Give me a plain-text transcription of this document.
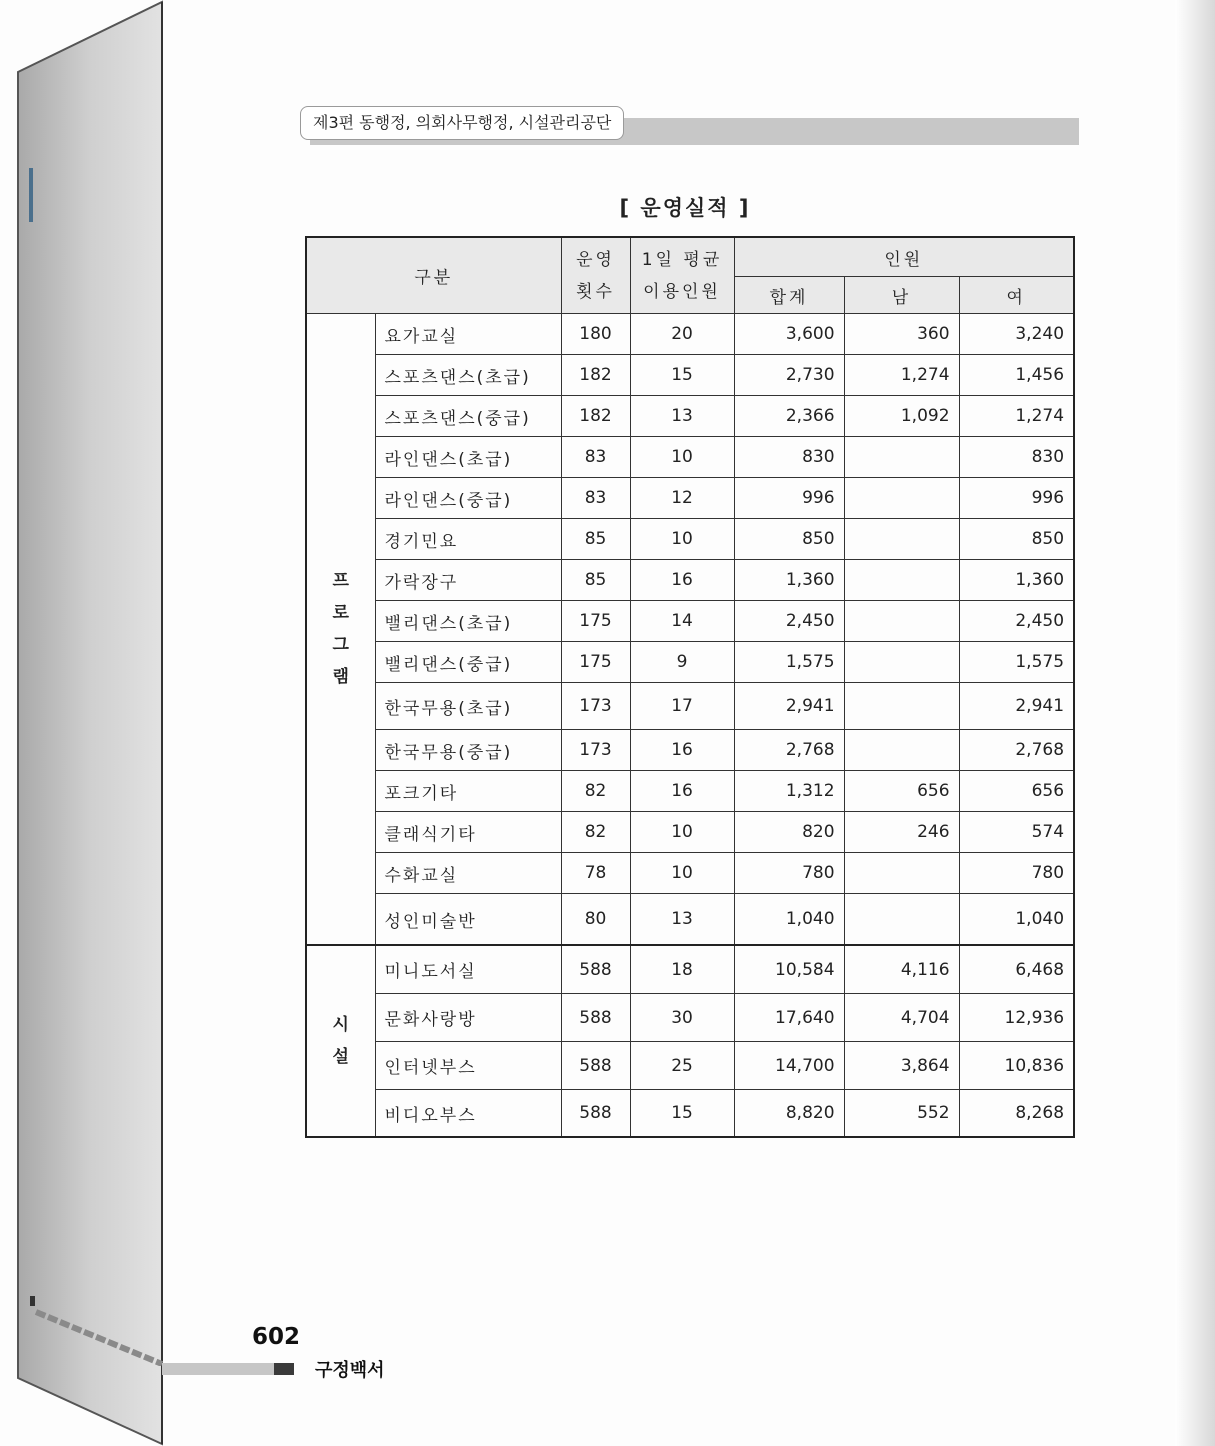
제3편 동행정, 의회사무행정, 시설관리공단
[ 운영실적 ]
구분		운영 횟수	1일 평균 이용인원	인원		
				합계	남	여
프로그램	요가교실	180	20	3,600	360	3,240
	스포츠댄스(초급)	182	15	2,730	1,274	1,456
	스포츠댄스(중급)	182	13	2,366	1,092	1,274
	라인댄스(초급)	83	10	830		830
	라인댄스(중급)	83	12	996		996
	경기민요	85	10	850		850
	가락장구	85	16	1,360		1,360
	밸리댄스(초급)	175	14	2,450		2,450
	밸리댄스(중급)	175	9	1,575		1,575
	한국무용(초급)	173	17	2,941		2,941
	한국무용(중급)	173	16	2,768		2,768
	포크기타	82	16	1,312	656	656
	클래식기타	82	10	820	246	574
	수화교실	78	10	780		780
	성인미술반	80	13	1,040		1,040
시설	미니도서실	588	18	10,584	4,116	6,468
	문화사랑방	588	30	17,640	4,704	12,936
	인터넷부스	588	25	14,700	3,864	10,836
	비디오부스	588	15	8,820	552	8,268
602
구정백서
